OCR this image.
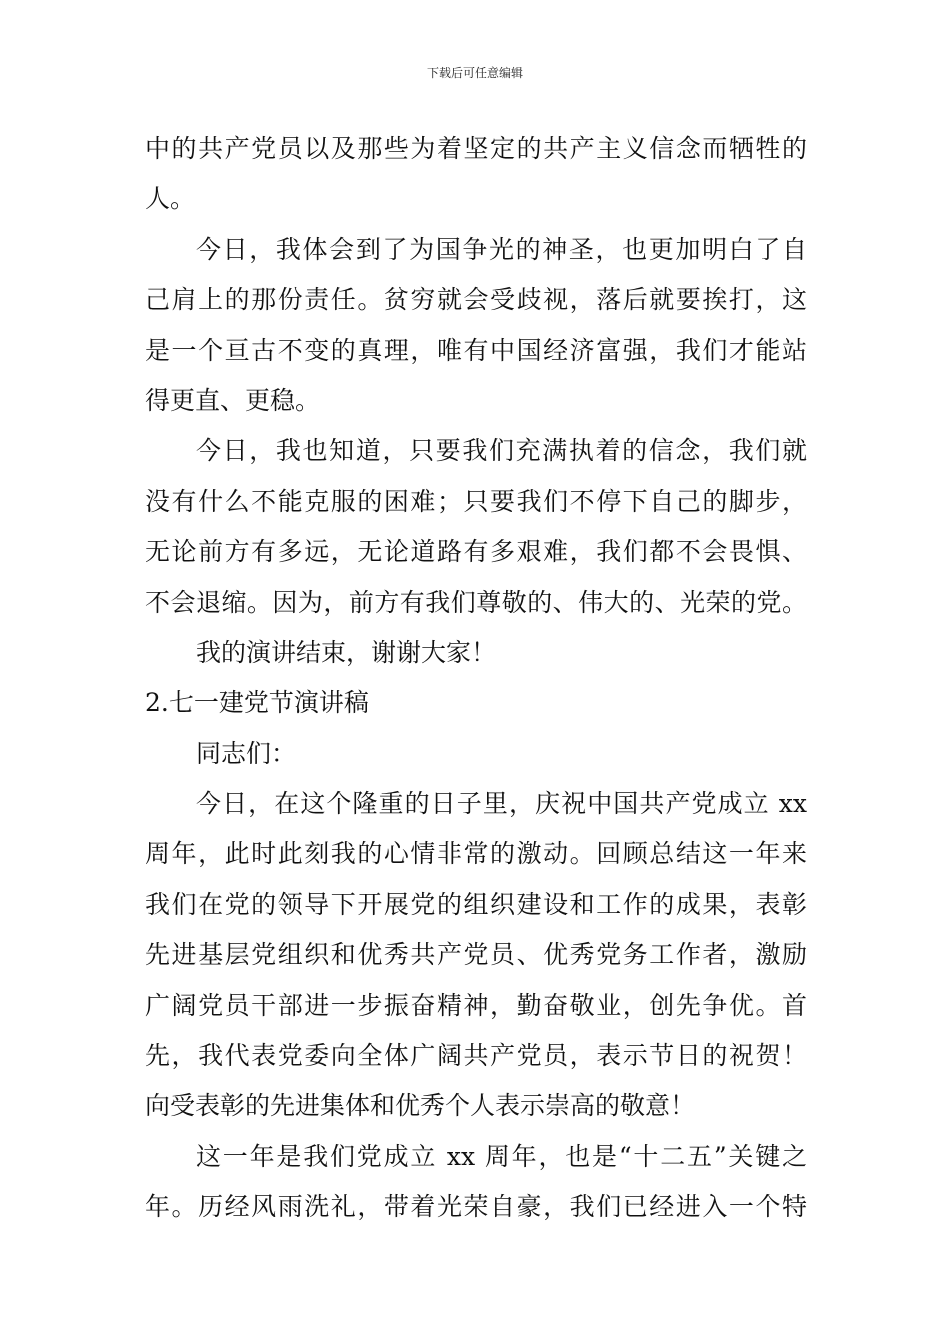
下载后可任意编辑
中的共产党员以及那些为着坚定的共产主义信念而牺牲的
人。
今日，我体会到了为国争光的神圣，也更加明白了自
己肩上的那份责任。贫穷就会受歧视，落后就要挨打，这
是一个亘古不变的真理，唯有中国经济富强，我们才能站
得更直、更稳。
今日，我也知道，只要我们充满执着的信念，我们就
没有什么不能克服的困难；只要我们不停下自己的脚步，
无论前方有多远，无论道路有多艰难，我们都不会畏惧、
不会退缩。因为，前方有我们尊敬的、伟大的、光荣的党。
我的演讲结束，谢谢大家！
2.七一建党节演讲稿
同志们：
今日，在这个隆重的日子里，庆祝中国共产党成立 xx
周年，此时此刻我的心情非常的激动。回顾总结这一年来
我们在党的领导下开展党的组织建设和工作的成果，表彰
先进基层党组织和优秀共产党员、优秀党务工作者，激励
广阔党员干部进一步振奋精神，勤奋敬业，创先争优。首
先，我代表党委向全体广阔共产党员，表示节日的祝贺！
向受表彰的先进集体和优秀个人表示崇高的敬意！
这一年是我们党成立 xx 周年，也是“十二五”关键之
年。历经风雨洗礼，带着光荣自豪，我们已经进入一个特
